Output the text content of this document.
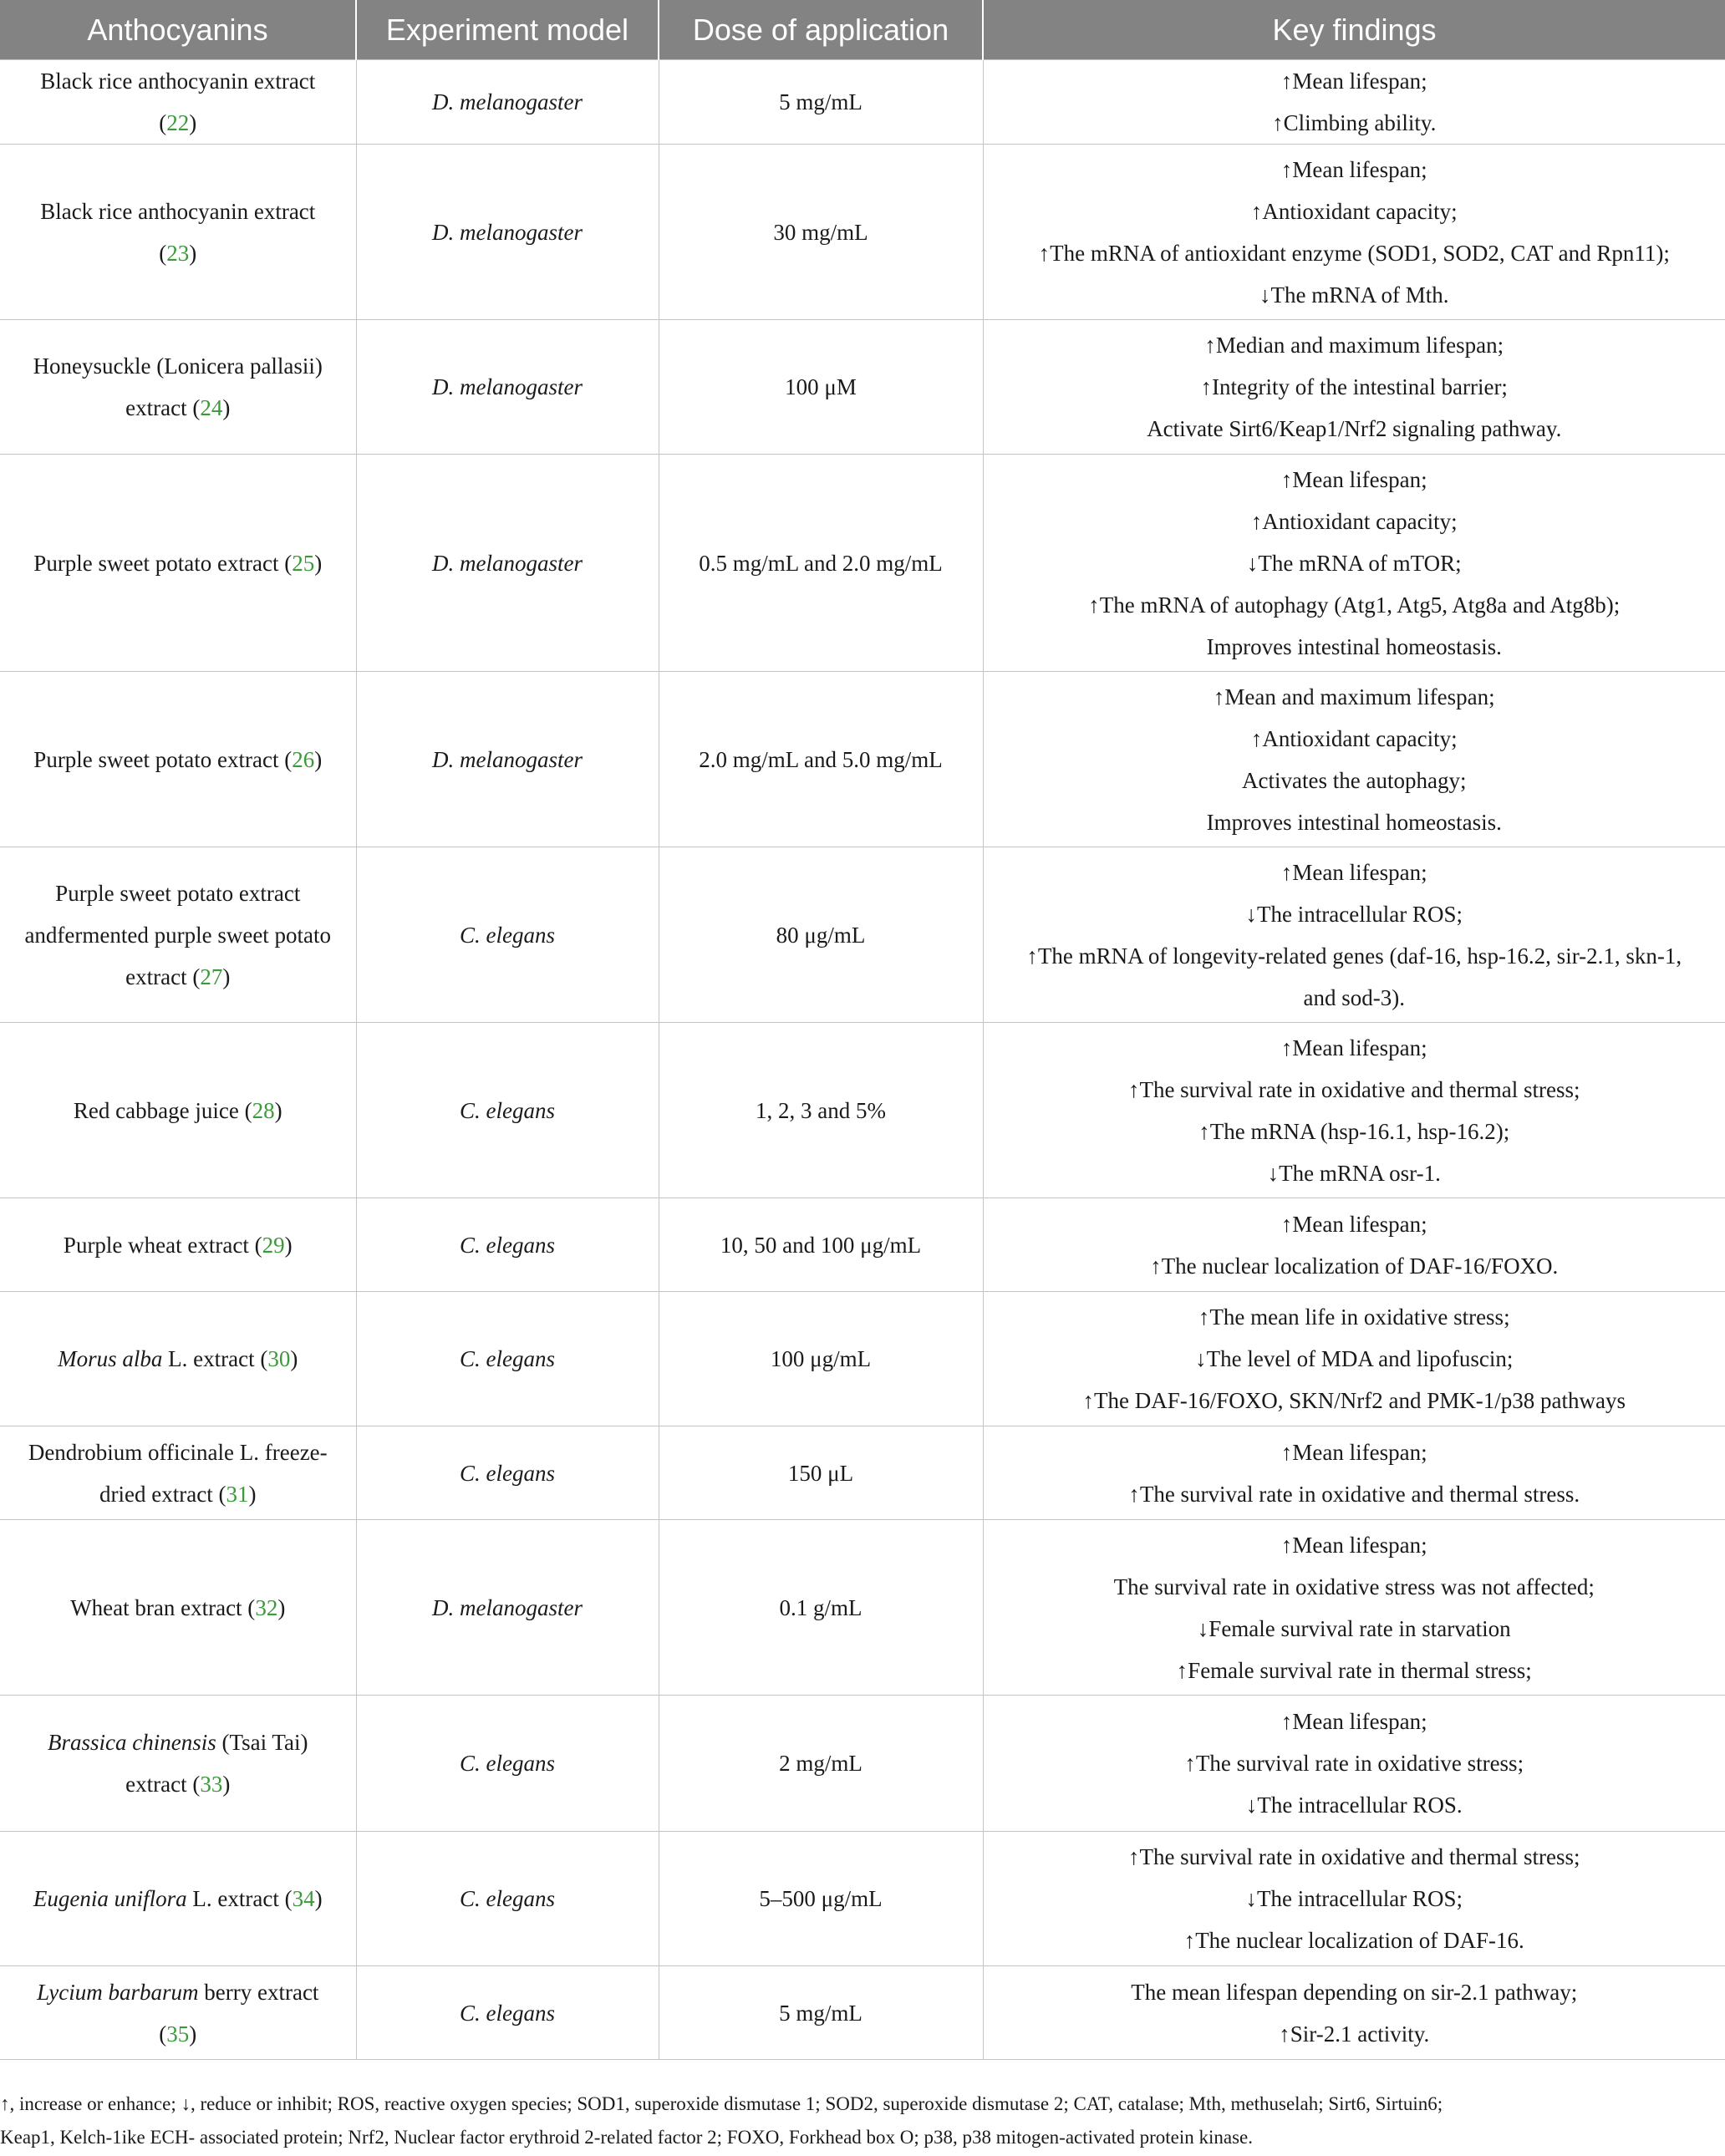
Anthocyanins	Experiment model	Dose of application	Key findings
Black rice anthocyanin extract
(22)	D. melanogaster	5 mg/mL	↑Mean lifespan;
↑Climbing ability.

Black rice anthocyanin extract
(23)	D. melanogaster	30 mg/mL	↑Mean lifespan;
↑Antioxidant capacity;
↑The mRNA of antioxidant enzyme (SOD1, SOD2, CAT and Rpn11);
↓The mRNA of Mth.

Honeysuckle (Lonicera pallasii)
extract (24)	D. melanogaster	100 μM	↑Median and maximum lifespan;
↑Integrity of the intestinal barrier;
Activate Sirt6/Keap1/Nrf2 signaling pathway.

Purple sweet potato extract (25)	D. melanogaster	0.5 mg/mL and 2.0 mg/mL	↑Mean lifespan;
↑Antioxidant capacity;
↓The mRNA of mTOR;
↑The mRNA of autophagy (Atg1, Atg5, Atg8a and Atg8b);
Improves intestinal homeostasis.

Purple sweet potato extract (26)	D. melanogaster	2.0 mg/mL and 5.0 mg/mL	↑Mean and maximum lifespan;
↑Antioxidant capacity;
Activates the autophagy;
Improves intestinal homeostasis.

Purple sweet potato extract andfermented purple sweet potato
extract (27)	C. elegans	80 μg/mL	↑Mean lifespan;
↓The intracellular ROS;
↑The mRNA of longevity-related genes (daf-16, hsp-16.2, sir-2.1, skn-1,
and sod-3).

Red cabbage juice (28)	C. elegans	1, 2, 3 and 5%	↑Mean lifespan;
↑The survival rate in oxidative and thermal stress;
↑The mRNA (hsp-16.1, hsp-16.2);
↓The mRNA osr-1.

Purple wheat extract (29)	C. elegans	10, 50 and 100 μg/mL	↑Mean lifespan;
↑The nuclear localization of DAF-16/FOXO.

Morus alba L. extract (30)	C. elegans	100 μg/mL	↑The mean life in oxidative stress;
↓The level of MDA and lipofuscin;
↑The DAF-16/FOXO, SKN/Nrf2 and PMK-1/p38 pathways

Dendrobium officinale L. freeze-
dried extract (31)	C. elegans	150 μL	↑Mean lifespan;
↑The survival rate in oxidative and thermal stress.

Wheat bran extract (32)	D. melanogaster	0.1 g/mL	↑Mean lifespan;
The survival rate in oxidative stress was not affected;
↓Female survival rate in starvation
↑Female survival rate in thermal stress;

Brassica chinensis (Tsai Tai)
extract (33)	C. elegans	2 mg/mL	↑Mean lifespan;
↑The survival rate in oxidative stress;
↓The intracellular ROS.

Eugenia uniflora L. extract (34)	C. elegans	5–500 μg/mL	↑The survival rate in oxidative and thermal stress;
↓The intracellular ROS;
↑The nuclear localization of DAF-16.

Lycium barbarum berry extract
(35)	C. elegans	5 mg/mL	The mean lifespan depending on sir-2.1 pathway;
↑Sir-2.1 activity.
↑, increase or enhance; ↓, reduce or inhibit; ROS, reactive oxygen species; SOD1, superoxide dismutase 1; SOD2, superoxide dismutase 2; CAT, catalase; Mth, methuselah; Sirt6, Sirtuin6;
Keap1, Kelch-1ike ECH- associated protein; Nrf2, Nuclear factor erythroid 2-related factor 2; FOXO, Forkhead box O; p38, p38 mitogen-activated protein kinase.
